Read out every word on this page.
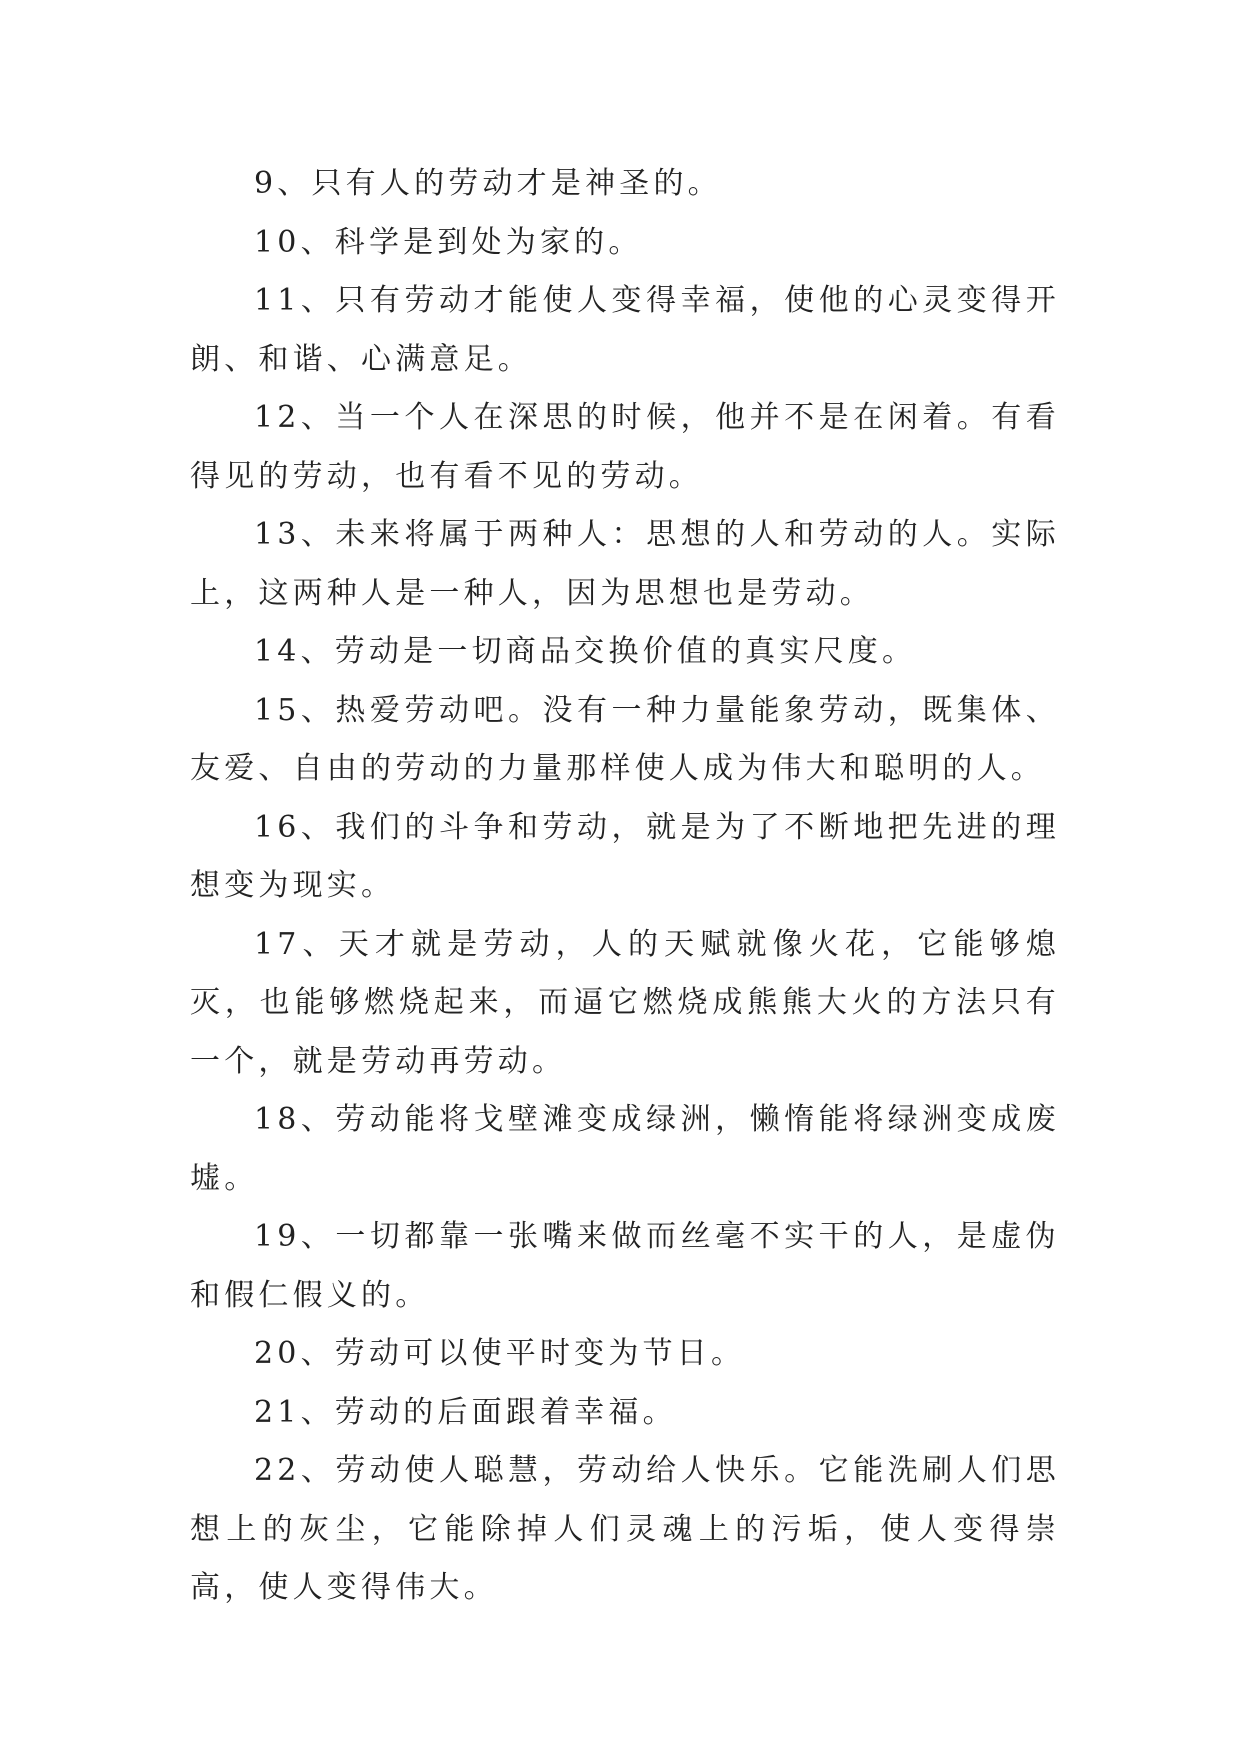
9、只有人的劳动才是神圣的。

10、科学是到处为家的。

11、只有劳动才能使人变得幸福，使他的心灵变得开朗、和谐、心满意足。

12、当一个人在深思的时候，他并不是在闲着。有看得见的劳动，也有看不见的劳动。

13、未来将属于两种人：思想的人和劳动的人。实际上，这两种人是一种人，因为思想也是劳动。

14、劳动是一切商品交换价值的真实尺度。

15、热爱劳动吧。没有一种力量能象劳动，既集体、友爱、自由的劳动的力量那样使人成为伟大和聪明的人。

16、我们的斗争和劳动，就是为了不断地把先进的理想变为现实。

17、天才就是劳动，人的天赋就像火花，它能够熄灭，也能够燃烧起来，而逼它燃烧成熊熊大火的方法只有一个，就是劳动再劳动。

18、劳动能将戈壁滩变成绿洲，懒惰能将绿洲变成废墟。

19、一切都靠一张嘴来做而丝毫不实干的人，是虚伪和假仁假义的。

20、劳动可以使平时变为节日。

21、劳动的后面跟着幸福。

22、劳动使人聪慧，劳动给人快乐。它能洗刷人们思想上的灰尘，它能除掉人们灵魂上的污垢，使人变得崇高，使人变得伟大。
